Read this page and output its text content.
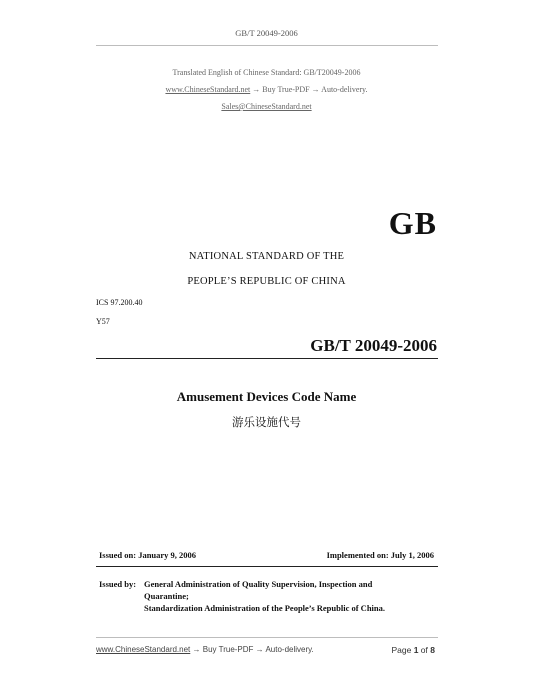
GB/T 20049-2006
Translated English of Chinese Standard: GB/T20049-2006
www.ChineseStandard.net → Buy True-PDF → Auto-delivery.
Sales@ChineseStandard.net
GB
NATIONAL STANDARD OF THE
PEOPLE’S REPUBLIC OF CHINA
ICS 97.200.40
Y57
GB/T 20049-2006
Amusement Devices Code Name
游乐设施代号
Issued on: January 9, 2006	Implemented on: July 1, 2006
Issued by: General Administration of Quality Supervision, Inspection and
Quarantine;
Standardization Administration of the People’s Republic of China.
www.ChineseStandard.net → Buy True-PDF → Auto-delivery.	Page 1 of 8
